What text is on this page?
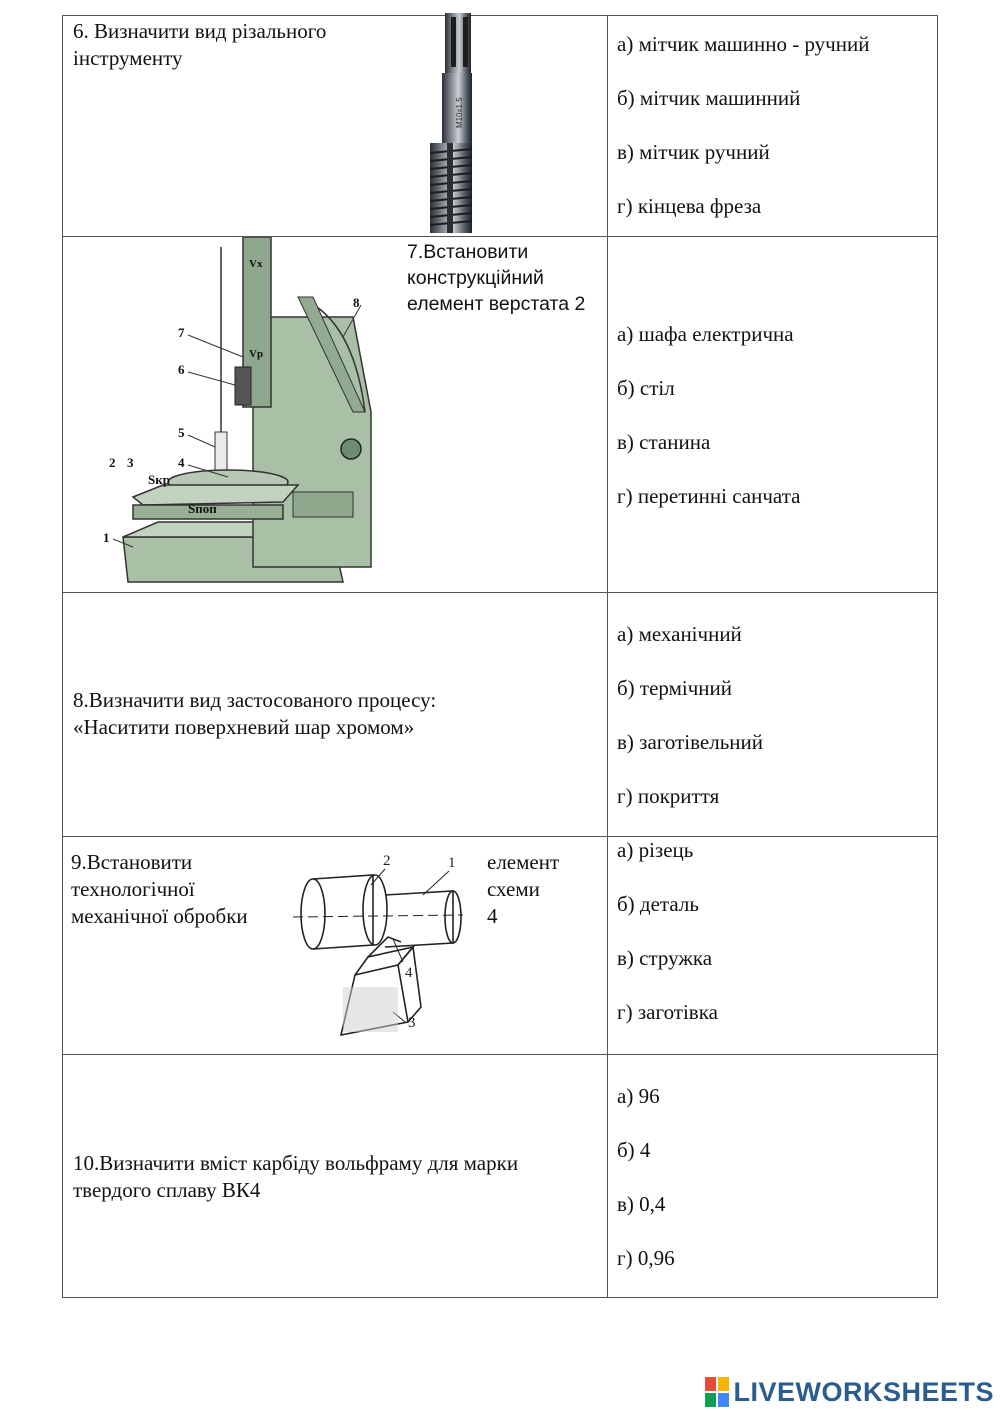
6. Визначити вид різального
інструменту
M10x1.5
а) мітчик машинно - ручний
б) мітчик машинний
в) мітчик ручний
г) кінцева фреза
8
7
6
5
4
2 3
1
Sкр
Sпоп
Vх
Vр
7.Встановити
конструкційний
елемент верстата 2
а) шафа електрична
б) стіл
в) станина
г) перетинні санчата
8.Визначити вид застосованого процесу:
«Наситити поверхневий шар хромом»
а) механічний
б) термічний
в) заготівельний
г) покриття
9.Встановити
технологічної
механічної обробки
2	1
4
3
елемент
схеми
4
а) різець
б) деталь
в) стружка
г) заготівка
10.Визначити вміст карбіду вольфраму для марки
твердого сплаву ВК4
а) 96
б) 4
в) 0,4
г) 0,96
LIVEWORKSHEETS
